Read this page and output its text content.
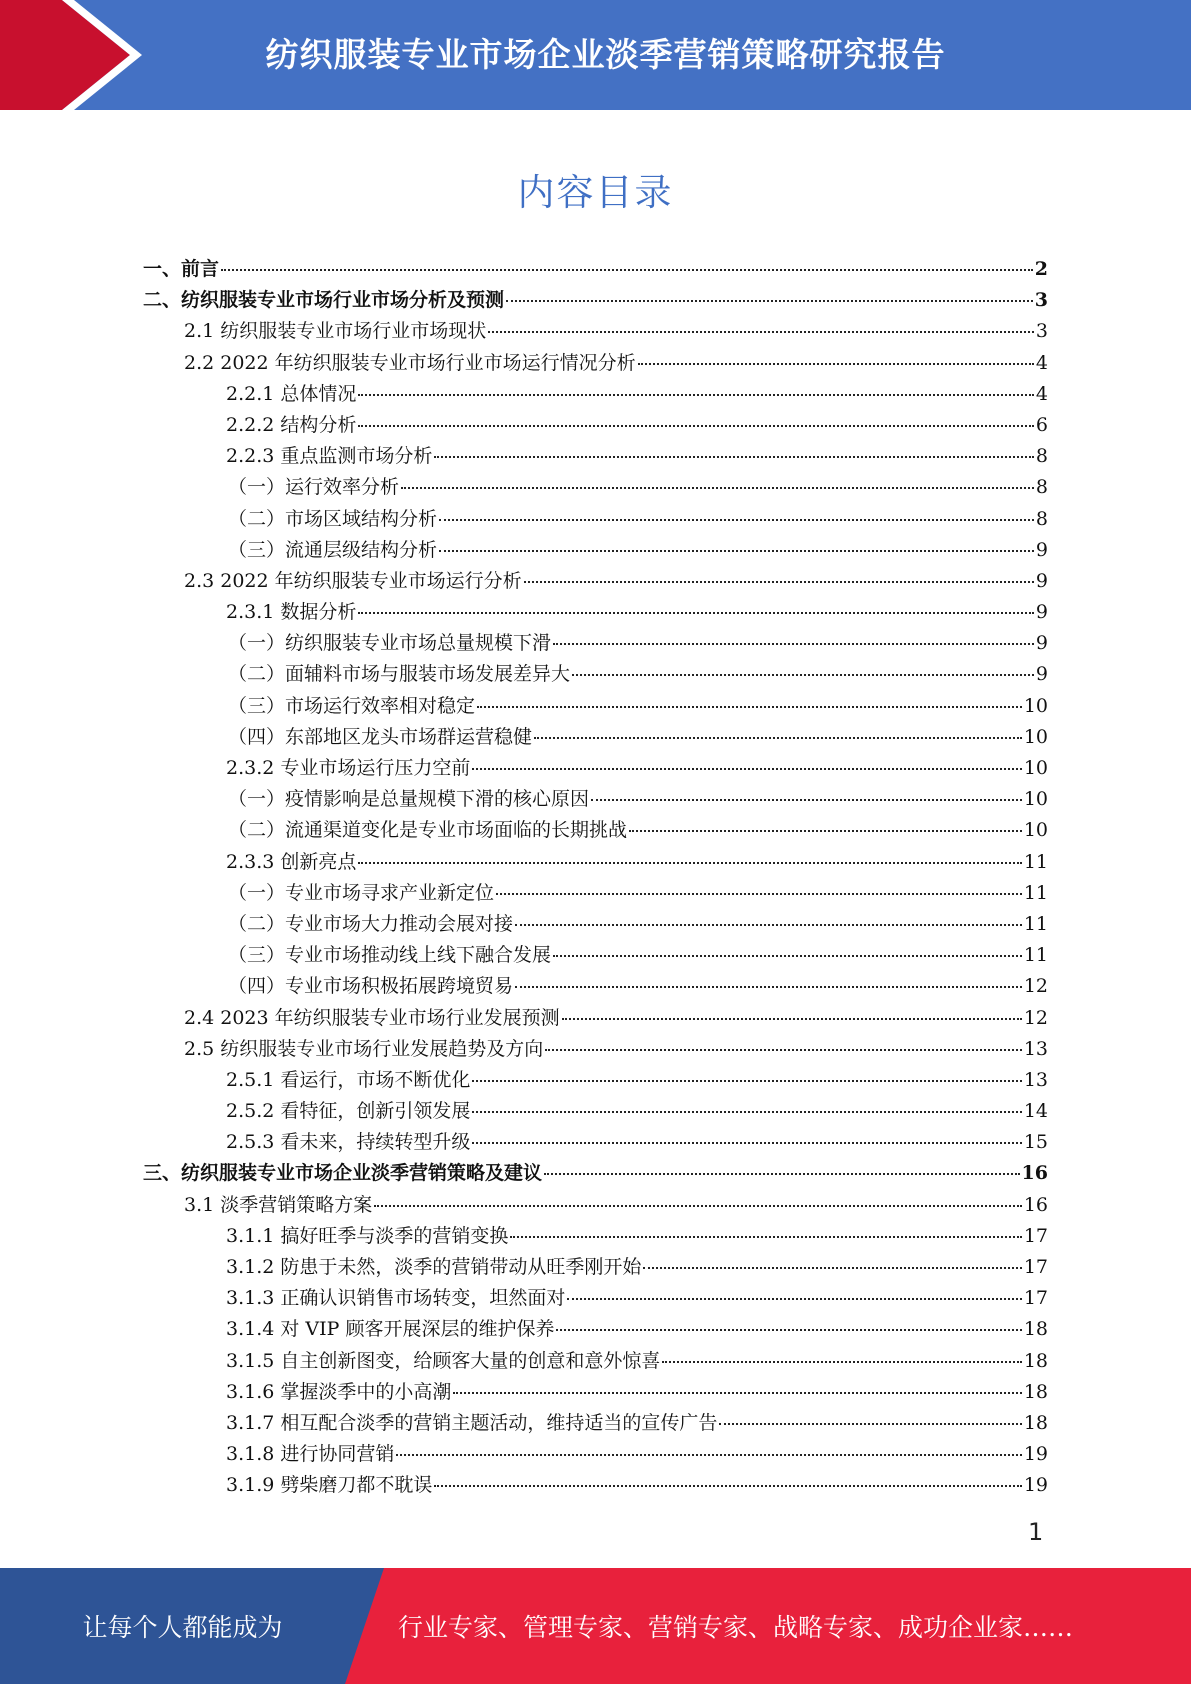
纺织服装专业市场企业淡季营销策略研究报告
内容目录
一、前言	2
二、纺织服装专业市场行业市场分析及预测	3
2.1 纺织服装专业市场行业市场现状	3
2.2 2022 年纺织服装专业市场行业市场运行情况分析	4
2.2.1 总体情况	4
2.2.2 结构分析	6
2.2.3 重点监测市场分析	8
（一）运行效率分析	8
（二）市场区域结构分析	8
（三）流通层级结构分析	9
2.3 2022 年纺织服装专业市场运行分析	9
2.3.1 数据分析	9
（一）纺织服装专业市场总量规模下滑	9
（二）面辅料市场与服装市场发展差异大	9
（三）市场运行效率相对稳定	10
（四）东部地区龙头市场群运营稳健	10
2.3.2 专业市场运行压力空前	10
（一）疫情影响是总量规模下滑的核心原因	10
（二）流通渠道变化是专业市场面临的长期挑战	10
2.3.3 创新亮点	11
（一）专业市场寻求产业新定位	11
（二）专业市场大力推动会展对接	11
（三）专业市场推动线上线下融合发展	11
（四）专业市场积极拓展跨境贸易	12
2.4 2023 年纺织服装专业市场行业发展预测	12
2.5 纺织服装专业市场行业发展趋势及方向	13
2.5.1 看运行，市场不断优化	13
2.5.2 看特征，创新引领发展	14
2.5.3 看未来，持续转型升级	15
三、纺织服装专业市场企业淡季营销策略及建议	16
3.1 淡季营销策略方案	16
3.1.1 搞好旺季与淡季的营销变换	17
3.1.2 防患于未然，淡季的营销带动从旺季刚开始	17
3.1.3 正确认识销售市场转变，坦然面对	17
3.1.4 对 VIP 顾客开展深层的维护保养	18
3.1.5 自主创新图变，给顾客大量的创意和意外惊喜	18
3.1.6 掌握淡季中的小高潮	18
3.1.7 相互配合淡季的营销主题活动，维持适当的宣传广告	18
3.1.8 进行协同营销	19
3.1.9 劈柴磨刀都不耽误	19
1
让每个人都能成为	行业专家、管理专家、营销专家、战略专家、成功企业家……
